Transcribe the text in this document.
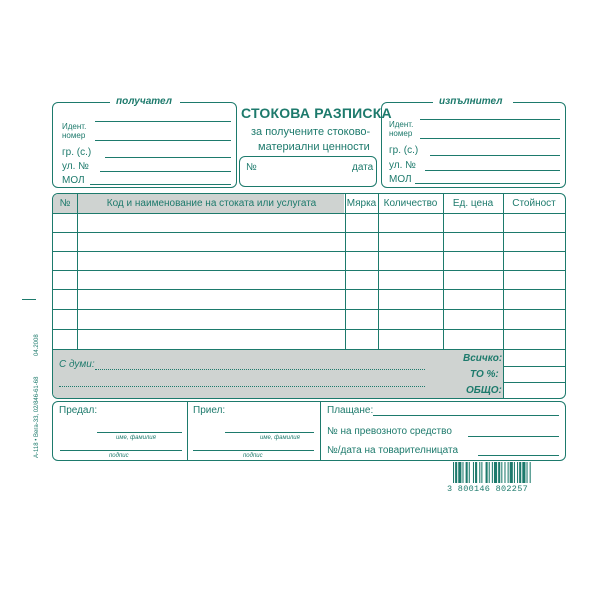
получател
Идент.
номер
гр. (с.)
ул. №
МОЛ
СТОКОВА РАЗПИСКА
за получените стоково-
материални ценности
№	дата
изпълнител
Идент.
номер
гр. (с.)
ул. №
МОЛ
№	Код и наименование на стоката или услугата	Мярка Количество	Ед. цена	Стойност
С думи:
Всичко:
ТО %:
ОБЩО:
Предал:
име, фамилия
подпис
Приел:
име, фамилия
подпис
Плащане:
№ на превозното средство
№/дата на товарителницата
А-118 • Вега-33, 02/846-61-68
04.2008
3 800146 802257
